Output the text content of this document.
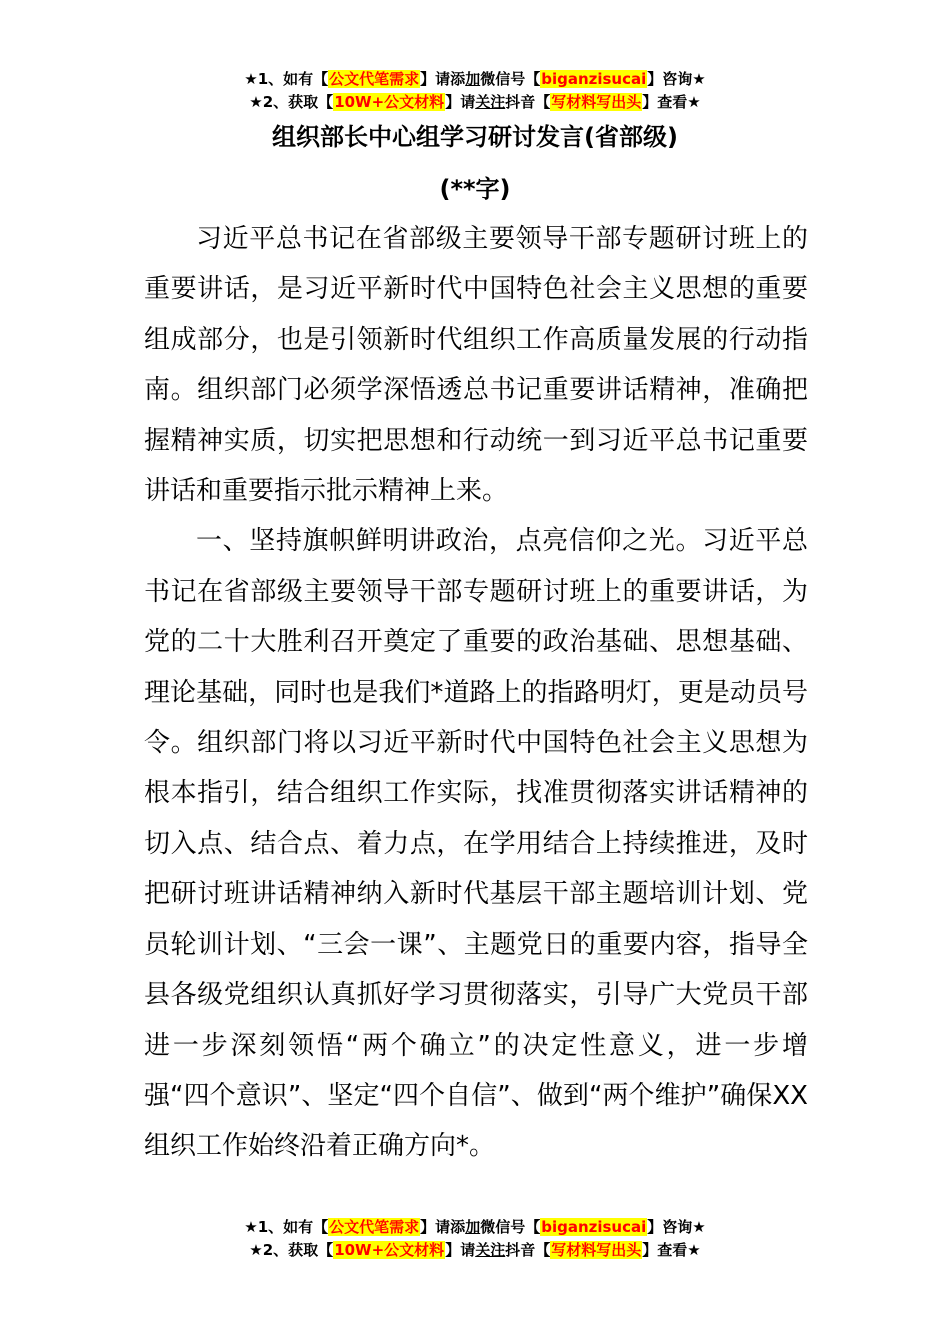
★1、如有【公文代笔需求】请添加微信号【biganzisucai】咨询★
★2、获取【10W+公文材料】请关注抖音【写材料写出头】查看★
组织部长中心组学习研讨发言(省部级)
(**字)

习近平总书记在省部级主要领导干部专题研讨班上的重要讲话，是习近平新时代中国特色社会主义思想的重要组成部分，也是引领新时代组织工作高质量发展的行动指南。组织部门必须学深悟透总书记重要讲话精神，准确把握精神实质，切实把思想和行动统一到习近平总书记重要讲话和重要指示批示精神上来。

一、坚持旗帜鲜明讲政治，点亮信仰之光。习近平总书记在省部级主要领导干部专题研讨班上的重要讲话，为党的二十大胜利召开奠定了重要的政治基础、思想基础、理论基础，同时也是我们*道路上的指路明灯，更是动员号令。组织部门将以习近平新时代中国特色社会主义思想为根本指引，结合组织工作实际，找准贯彻落实讲话精神的切入点、结合点、着力点，在学用结合上持续推进，及时把研讨班讲话精神纳入新时代基层干部主题培训计划、党员轮训计划、“三会一课”、主题党日的重要内容，指导全县各级党组织认真抓好学习贯彻落实，引导广大党员干部进一步深刻领悟“两个确立”的决定性意义，进一步增强“四个意识”、坚定“四个自信”、做到“两个维护”确保XX组织工作始终沿着正确方向*。

★1、如有【公文代笔需求】请添加微信号【biganzisucai】咨询★
★2、获取【10W+公文材料】请关注抖音【写材料写出头】查看★
